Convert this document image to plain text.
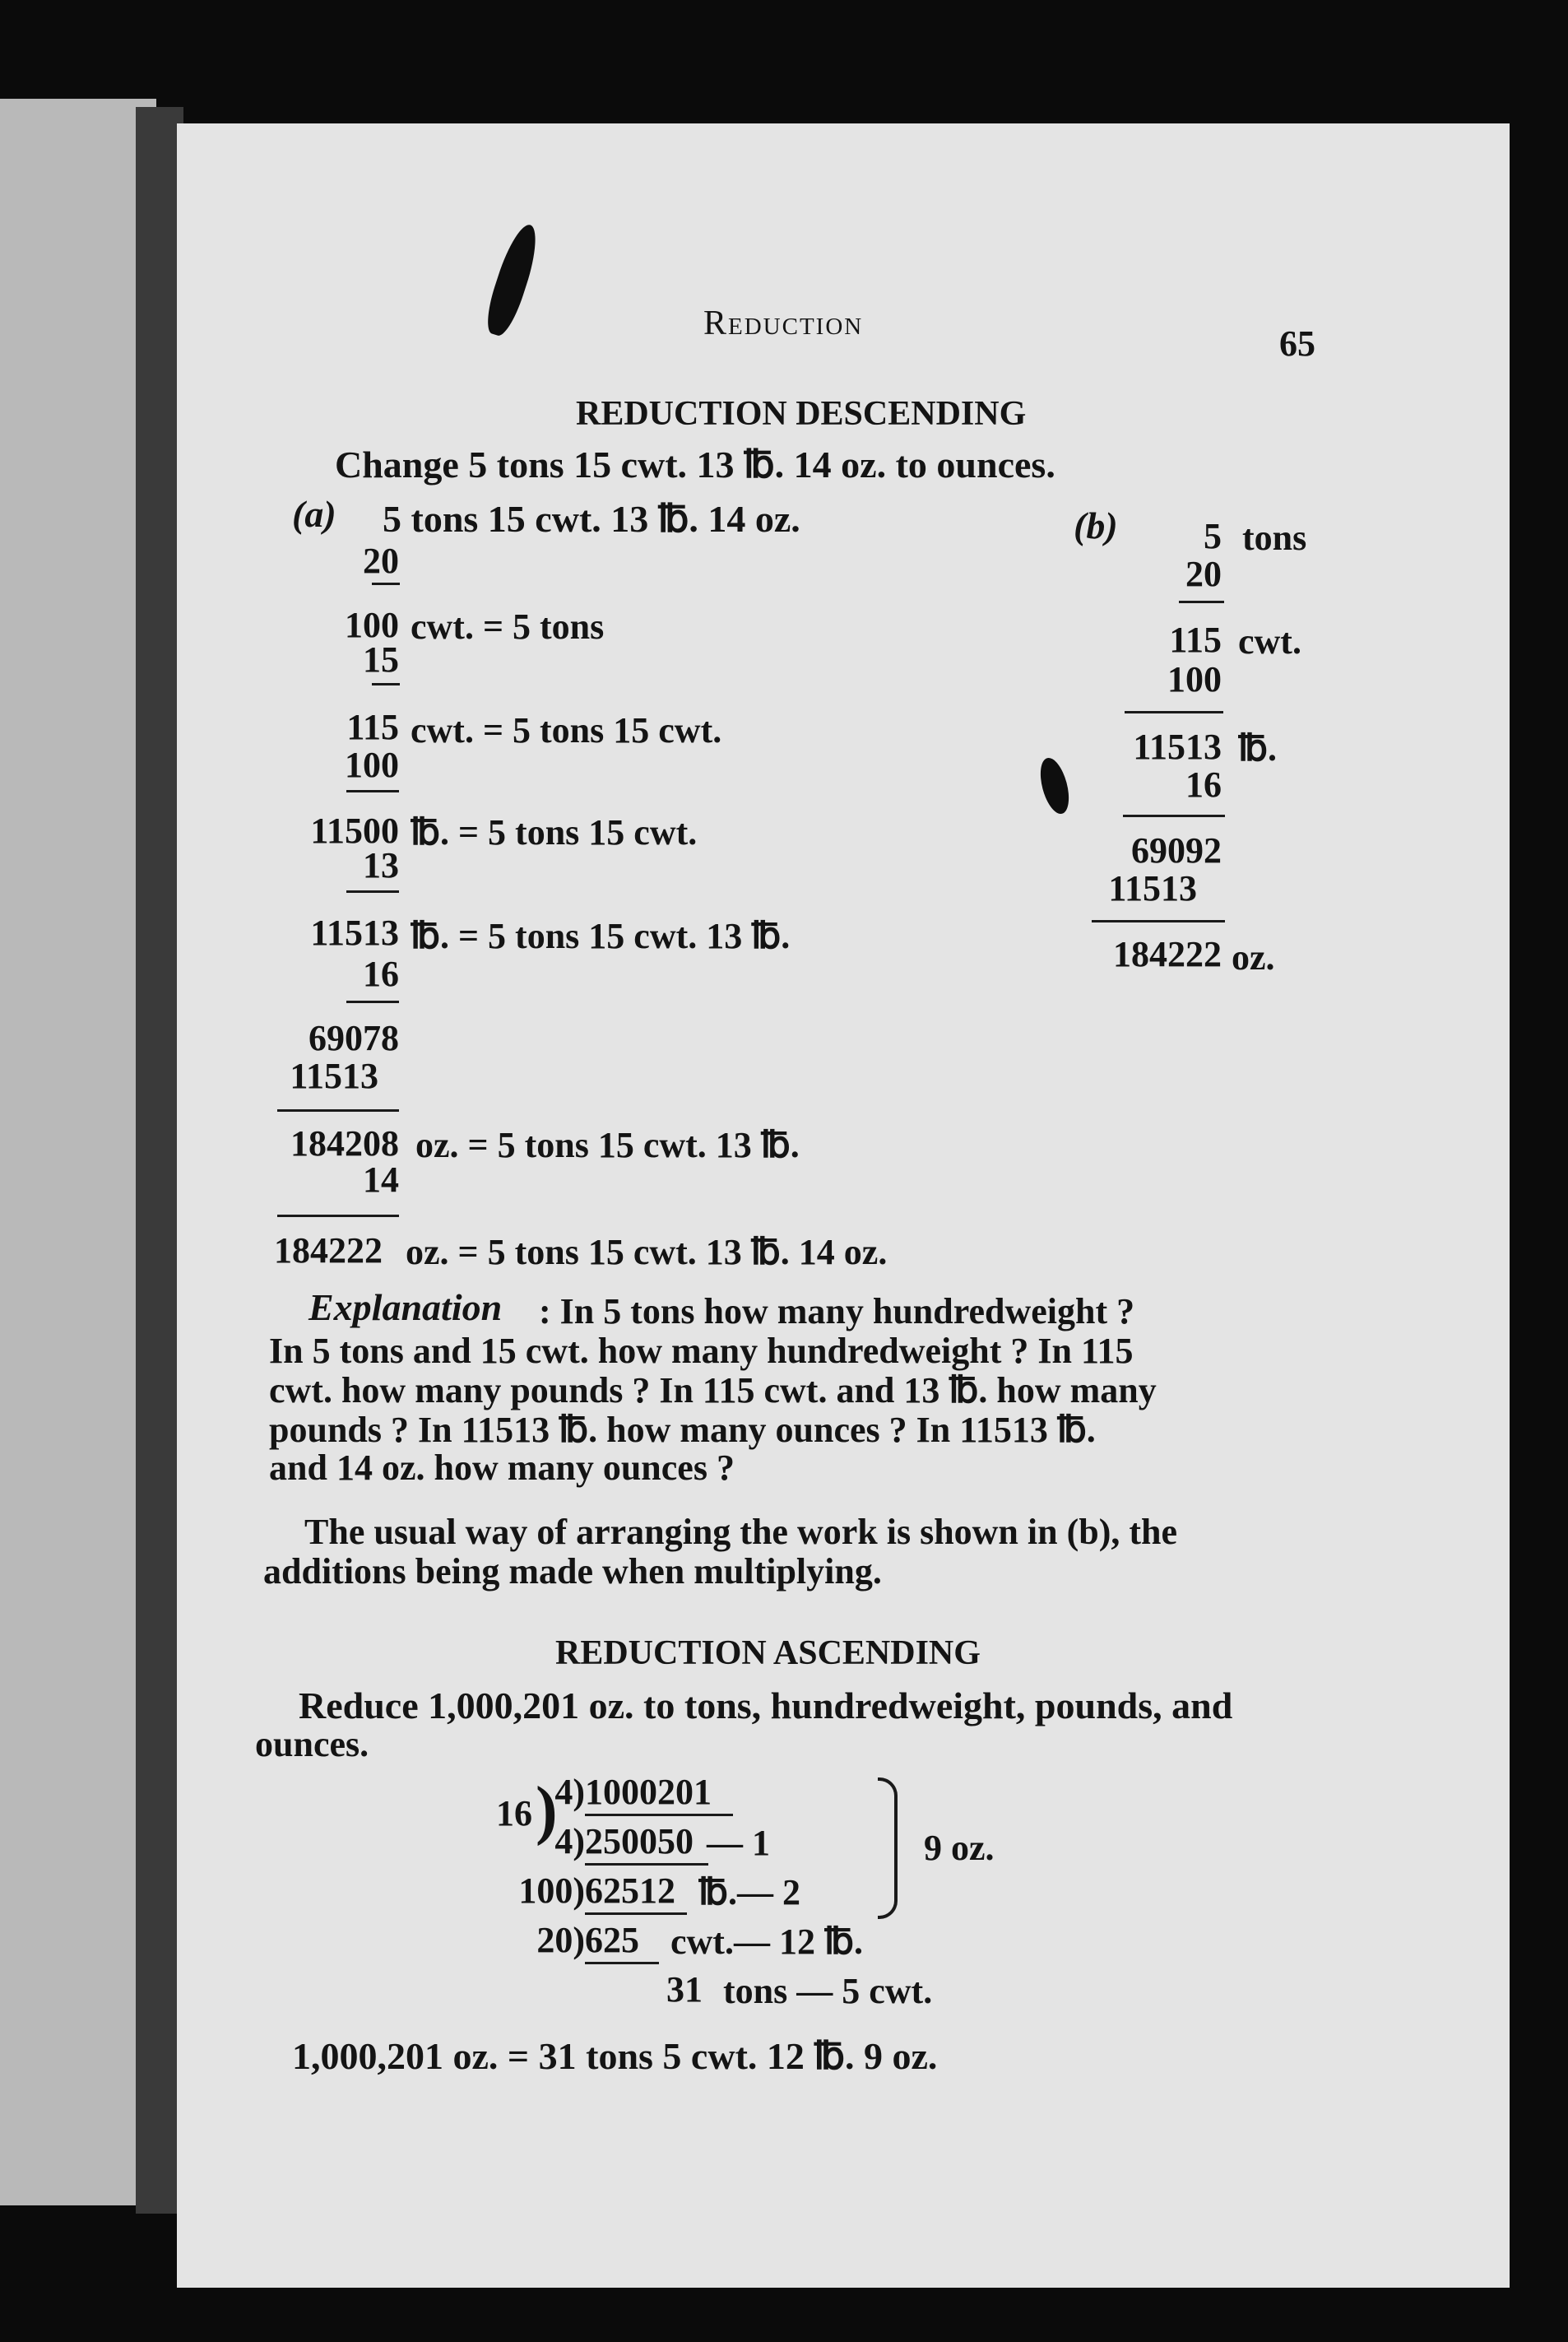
Reduction	65
REDUCTION DESCENDING
Change 5 tons 15 cwt. 13 ℔. 14 oz. to ounces.
(a) 5 tons 15 cwt. 13 ℔. 14 oz.
20
100 cwt. = 5 tons
15
115 cwt. = 5 tons 15 cwt.
100
11500 ℔. = 5 tons 15 cwt.
13
11513 ℔. = 5 tons 15 cwt. 13 ℔.
16
69078
11513
184208 oz. = 5 tons 15 cwt. 13 ℔.
14
184222 oz. = 5 tons 15 cwt. 13 ℔. 14 oz.
(b)	5 tons
20
115 cwt.
100
11513 ℔.
16
69092
11513
184222 oz.
Explanation : In 5 tons how many hundredweight ?
In 5 tons and 15 cwt. how many hundredweight ? In 115
cwt. how many pounds ? In 115 cwt. and 13 ℔. how many
pounds ? In 11513 ℔. how many ounces ? In 11513 ℔.
and 14 oz. how many ounces ?
The usual way of arranging the work is shown in (b), the
additions being made when multiplying.
REDUCTION ASCENDING
Reduce 1,000,201 oz. to tons, hundredweight, pounds, and
ounces.
16 )
4) 1000201
4) 250050 — 1
100) 62512 ℔.— 2
20) 625 cwt.— 12 ℔.
31 tons — 5 cwt.
9 oz.
1,000,201 oz. = 31 tons 5 cwt. 12 ℔. 9 oz.
